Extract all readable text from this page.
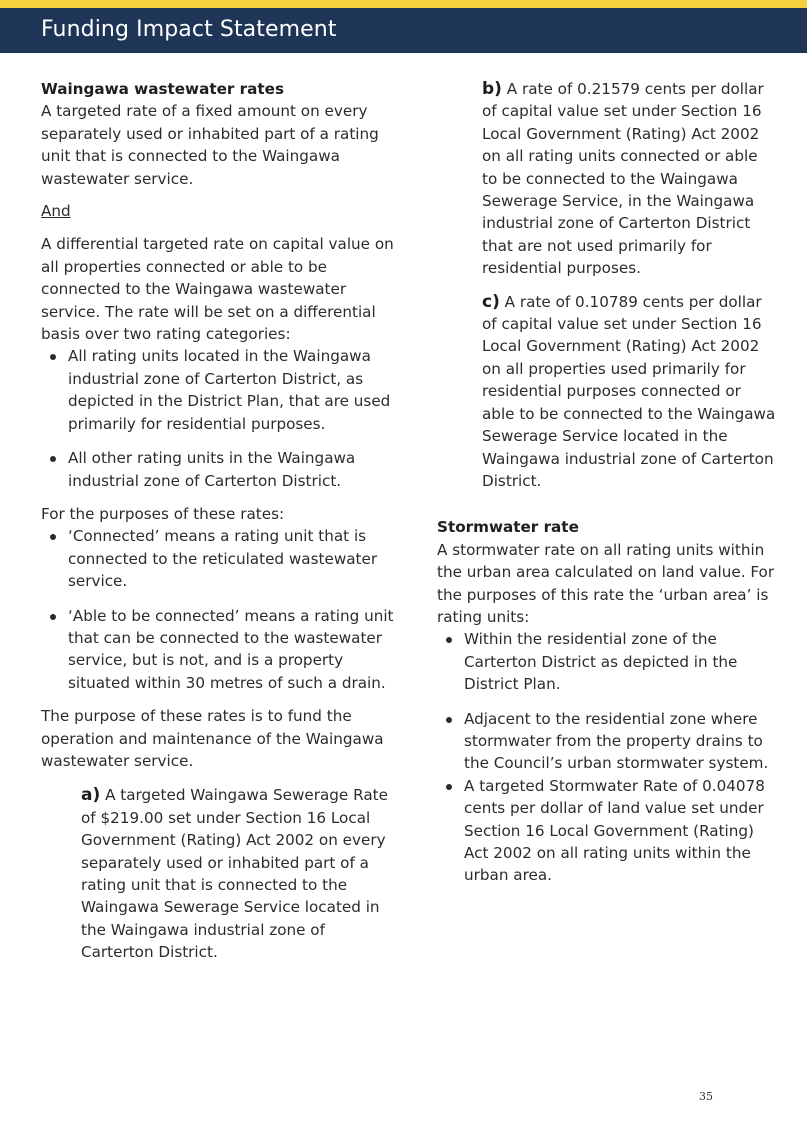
Funding Impact Statement

Waingawa wastewater rates

A targeted rate of a fixed amount on every separately used or inhabited part of a rating unit that is connected to the Waingawa wastewater service.

And

A differential targeted rate on capital value on all properties connected or able to be connected to the Waingawa wastewater service. The rate will be set on a differential basis over two rating categories:

All rating units located in the Waingawa industrial zone of Carterton District, as depicted in the District Plan, that are used primarily for residential purposes.
All other rating units in the Waingawa industrial zone of Carterton District.

For the purposes of these rates:

‘Connected’ means a rating unit that is connected to the reticulated wastewater service.
‘Able to be connected’ means a rating unit that can be connected to the wastewater service, but is not, and is a property situated within 30 metres of such a drain.

The purpose of these rates is to fund the operation and maintenance of the Waingawa wastewater service.

a) A targeted Waingawa Sewerage Rate of $219.00 set under Section 16 Local Government (Rating) Act 2002 on every separately used or inhabited part of a rating unit that is connected to the Waingawa Sewerage Service located in the Waingawa industrial zone of Carterton District.

b) A rate of 0.21579 cents per dollar of capital value set under Section 16 Local Government (Rating) Act 2002 on all rating units connected or able to be connected to the Waingawa Sewerage Service, in the Waingawa industrial zone of Carterton District that are not used primarily for residential purposes.

c) A rate of 0.10789 cents per dollar of capital value set under Section 16 Local Government (Rating) Act 2002 on all properties used primarily for residential purposes connected or able to be connected to the Waingawa Sewerage Service located in the Waingawa industrial zone of Carterton District.

Stormwater rate

A stormwater rate on all rating units within the urban area calculated on land value. For the purposes of this rate the ‘urban area’ is rating units:

Within the residential zone of the Carterton District as depicted in the District Plan.
Adjacent to the residential zone where stormwater from the property drains to the Council’s urban stormwater system.
A targeted Stormwater Rate of 0.04078 cents per dollar of land value set under Section 16 Local Government (Rating) Act 2002 on all rating units within the urban area.
35
